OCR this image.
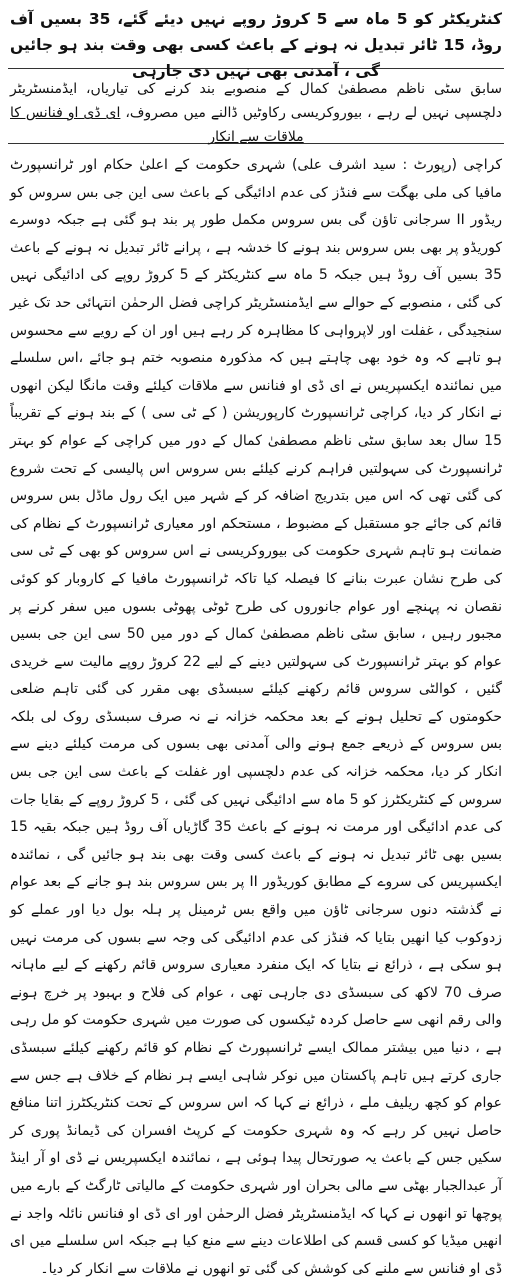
کنٹریکٹر کو 5 ماہ سے 5 کروڑ روپے نہیں دیئے گئے، 35 بسیں آف روڈ، 15 ٹائر تبدیل نہ ہونے کے باعث کسی بھی وقت بند ہو جائیں گی ، آمدنی بھی نہیں دی جارہی
سابق سٹی ناظم مصطفیٰ کمال کے منصوبے بند کرنے کی تیاریاں، ایڈمنسٹریٹر دلچسپی نہیں لے رہے ، بیوروکریسی رکاوٹیں ڈالنے میں مصروف، ای ڈی او فنانس کا ملاقات سے انکار

کراچی (رپورٹ : سید اشرف علی) شہری حکومت کے اعلیٰ حکام اور ٹرانسپورٹ مافیا کی ملی بھگت سے فنڈز کی عدم ادائیگی کے باعث سی این جی بس سروس کو ریڈور II سرجانی تاؤن گی بس سروس مکمل طور پر بند ہو گئی ہے جبکہ دوسرے کوریڈو پر بھی بس سروس بند ہونے کا خدشہ ہے ، پرانے ٹائر تبدیل نہ ہونے کے باعث 35 بسیں آف روڈ ہیں جبکہ 5 ماہ سے کنٹریکٹر کے 5 کروڑ روپے کی ادائیگی نہیں کی گئی ، منصوبے کے حوالے سے ایڈمنسٹریٹر کراچی فضل الرحمٰن انتہائی حد تک غیر سنجیدگی ، غفلت اور لاپرواہی کا مظاہرہ کر رہے ہیں اور ان کے رویے سے محسوس ہو تاہے کہ وہ خود بھی چاہتے ہیں کہ مذکورہ منصوبہ ختم ہو جائے ،اس سلسلے میں نمائندہ ایکسپریس نے ای ڈی او فنانس سے ملاقات کیلئے وقت مانگا لیکن انھوں نے انکار کر دیا، کراچی ٹرانسپورٹ کارپوریشن ( کے ٹی سی ) کے بند ہونے کے تقریباً 15 سال بعد سابق سٹی ناظم مصطفیٰ کمال کے دور میں کراچی کے عوام کو بہتر ٹرانسپورٹ کی سہولتیں فراہم کرنے کیلئے بس سروس اس پالیسی کے تحت شروع کی گئی تھی کہ اس میں بتدریج اضافہ کر کے شہر میں ایک رول ماڈل بس سروس قائم کی جائے جو مستقبل کے مضبوط ، مستحکم اور معیاری ٹرانسپورٹ کے نظام کی ضمانت ہو تاہم شہری حکومت کی بیوروکریسی نے اس سروس کو بھی کے ٹی سی کی طرح نشان عبرت بنانے کا فیصلہ کیا تاکہ ٹرانسپورٹ مافیا کے کاروبار کو کوئی نقصان نہ پہنچے اور عوام جانوروں کی طرح ٹوٹی پھوٹی بسوں میں سفر کرنے پر مجبور رہیں ، سابق سٹی ناظم مصطفیٰ کمال کے دور میں 50 سی این جی بسیں عوام کو بہتر ٹرانسپورٹ کی سہولتیں دینے کے لیے 22 کروڑ روپے مالیت سے خریدی گئیں ، کوالٹی سروس قائم رکھنے کیلئے سبسڈی بھی مقرر کی گئی تاہم ضلعی حکومتوں کے تحلیل ہونے کے بعد محکمہ خزانہ نے نہ صرف سبسڈی روک لی بلکہ بس سروس کے ذریعے جمع ہونے والی آمدنی بھی بسوں کی مرمت کیلئے دینے سے انکار کر دیا، محکمہ خزانہ کی عدم دلچسپی اور غفلت کے باعث سی این جی بس سروس کے کنٹریکٹرز کو 5 ماہ سے ادائیگی نہیں کی گئی ، 5 کروڑ روپے کے بقایا جات کی عدم ادائیگی اور مرمت نہ ہونے کے باعث 35 گاڑیاں آف روڈ ہیں جبکہ بقیہ 15 بسیں بھی ٹائر تبدیل نہ ہونے کے باعث کسی وقت بھی بند ہو جائیں گی ، نمائندہ ایکسپریس کی سروے کے مطابق کوریڈور II پر بس سروس بند ہو جانے کے بعد عوام نے گذشتہ دنوں سرجانی ٹاؤن میں واقع بس ٹرمینل پر ہلہ بول دیا اور عملے کو زدوکوب کیا انھیں بتایا کہ فنڈز کی عدم ادائیگی کی وجہ سے بسوں کی مرمت نہیں ہو سکی ہے ، ذرائع نے بتایا کہ ایک منفرد معیاری سروس قائم رکھنے کے لیے ماہانہ صرف 70 لاکھ کی سبسڈی دی جارہی تھی ، عوام کی فلاح و بہبود پر خرچ ہونے والی رقم انھی سے حاصل کردہ ٹیکسوں کی صورت میں شہری حکومت کو مل رہی ہے ، دنیا میں بیشتر ممالک ایسے ٹرانسپورٹ کے نظام کو قائم رکھنے کیلئے سبسڈی جاری کرتے ہیں تاہم پاکستان میں نوکر شاہی ایسے ہر نظام کے خلاف ہے جس سے عوام کو کچھ ریلیف ملے ، ذرائع نے کہا کہ اس سروس کے تحت کنٹریکٹرز اتنا منافع حاصل نہیں کر رہے کہ وہ شہری حکومت کے کرپٹ افسران کی ڈیمانڈ پوری کر سکیں جس کے باعث یہ صورتحال پیدا ہوئی ہے ، نمائندہ ایکسپریس نے ڈی او آر اینڈ آر عبدالجبار بھٹی سے مالی بحران اور شہری حکومت کے مالیاتی ٹارگٹ کے بارے میں پوچھا تو انھوں نے کہا کہ ایڈمنسٹریٹر فضل الرحمٰن اور ای ڈی او فنانس نائلہ واجد نے انھیں میڈیا کو کسی قسم کی اطلاعات دینے سے منع کیا ہے جبکہ اس سلسلے میں ای ڈی او فنانس سے ملنے کی کوشش کی گئی تو انھوں نے ملاقات سے انکار کر دیا۔
